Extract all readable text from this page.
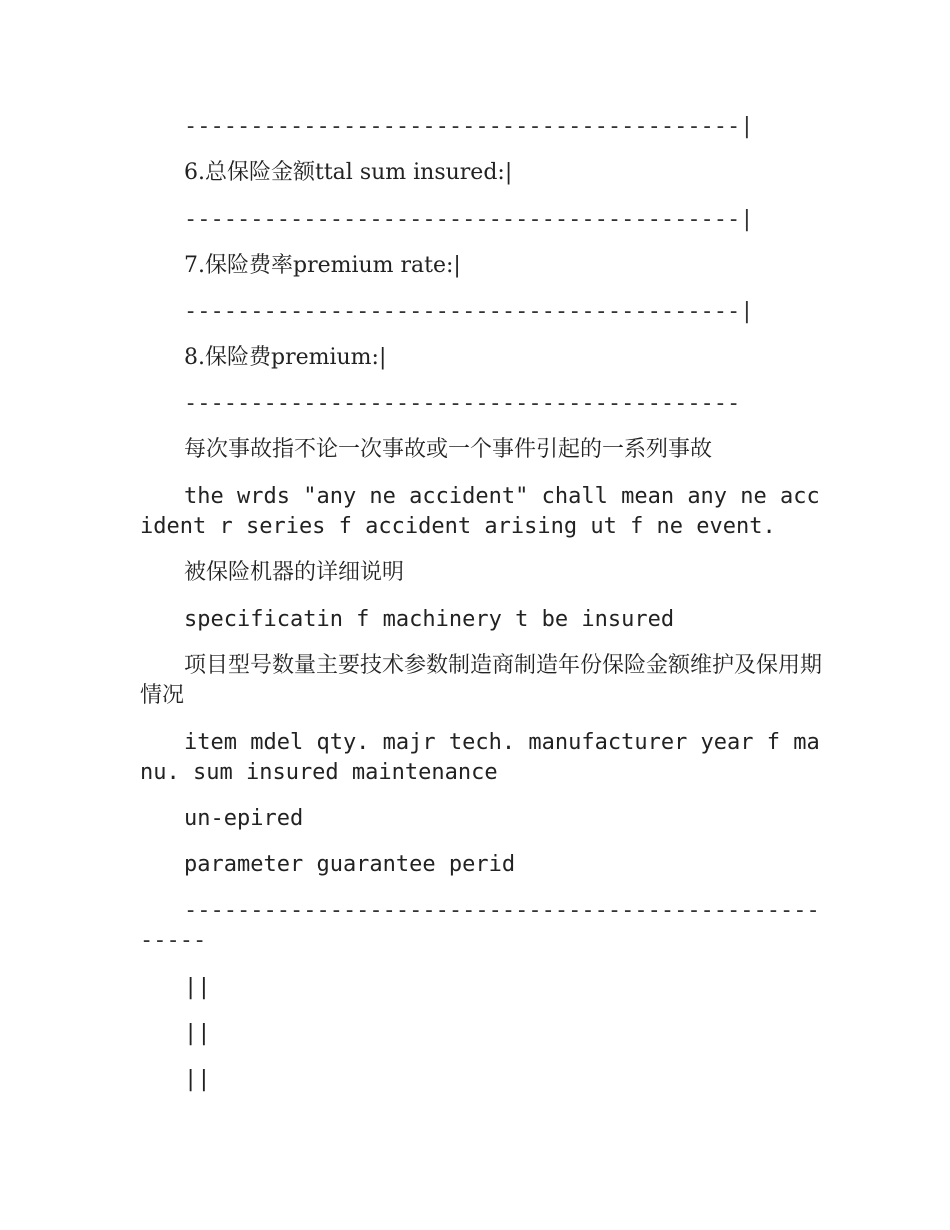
------------------------------------------|
6.总保险金额ttal sum insured:|
------------------------------------------|
7.保险费率premium rate:|
------------------------------------------|
8.保险费premium:|
------------------------------------------
每次事故指不论一次事故或一个事件引起的一系列事故
the wrds "any ne accident" chall mean any ne accident r series f accident arising ut f ne event.
被保险机器的详细说明
specificatin f machinery t be insured
项目型号数量主要技术参数制造商制造年份保险金额维护及保用期情况
item mdel qty. majr tech. manufacturer year f manu. sum insured maintenance
un-epired
parameter guarantee perid
-----------------------------------------------------
||
||
||
